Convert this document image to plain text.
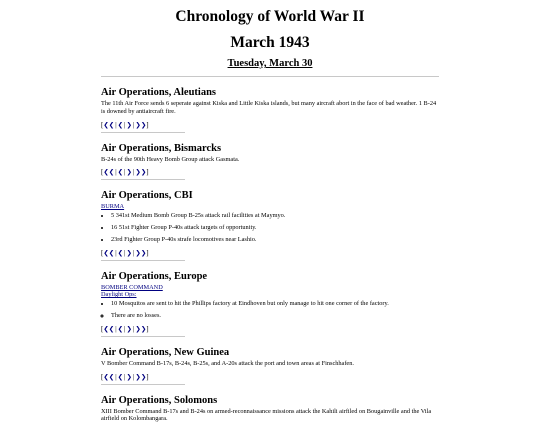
Chronology of World War II
March 1943
Tuesday, March 30
Air Operations, Aleutians

The 11th Air Force sends 6 seperate against Kiska and Little Kiska islands, but many aircraft abort in the face of bad weather. 1 B-24 is downed by antiaircraft fire.

[❮❮|❮|❯|❯❯]
Air Operations, Bismarcks

B-24s of the 90th Heavy Bomb Group attack Gasmata.

[❮❮|❮|❯|❯❯]
Air Operations, CBI
BURMA
• 5 341st Medium Bomb Group B-25s attack rail facilities at Maymyo.
• 16 51st Fighter Group P-40s attack targets of opportunity.
• 23rd Fighter Group P-40s strafe locomotives near Lashio.
[❮❮|❮|❯|❯❯]
Air Operations, Europe
BOMBER COMMAND
Daylight Ops:
• 10 Mosquitos are sent to hit the Phillips factory at Eindhoven but only manage to hit one corner of the factory.
◦ There are no losses.
[❮❮|❮|❯|❯❯]
Air Operations, New Guinea

V Bomber Command B-17s, B-24s, B-25s, and A-20s attack the port and town areas at Finschhafen.

[❮❮|❮|❯|❯❯]
Air Operations, Solomons

XIII Bomber Command B-17s and B-24s on armed-reconnaissance missions attack the Kahili airfiled on Bougainville and the Vila airfield on Kolombangara.
